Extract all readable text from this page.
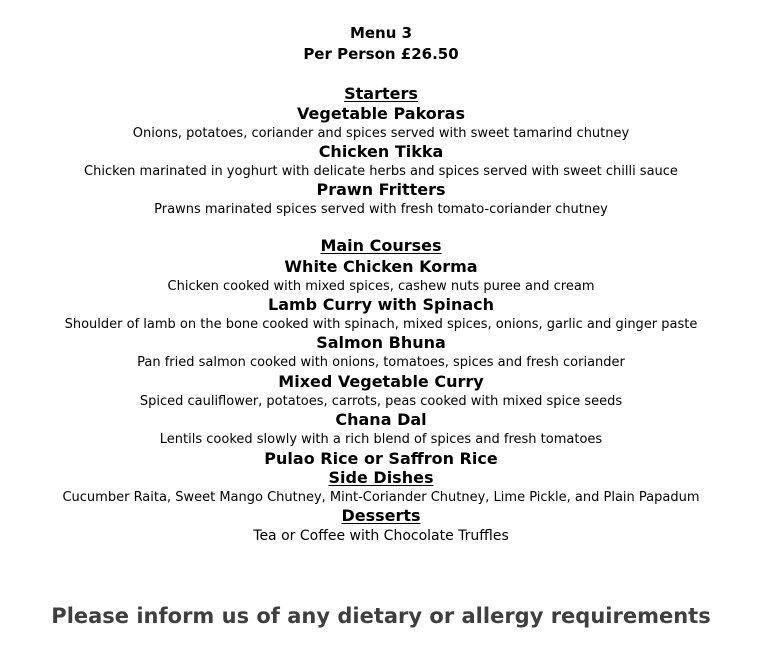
Menu 3
Per Person £26.50
Starters
Vegetable Pakoras
Onions, potatoes, coriander and spices served with sweet tamarind chutney
Chicken Tikka
Chicken marinated in yoghurt with delicate herbs and spices served with sweet chilli sauce
Prawn Fritters
Prawns marinated spices served with fresh tomato-coriander chutney
Main Courses
White Chicken Korma
Chicken cooked with mixed spices, cashew nuts puree and cream
Lamb Curry with Spinach
Shoulder of lamb on the bone cooked with spinach, mixed spices, onions, garlic and ginger paste
Salmon Bhuna
Pan fried salmon cooked with onions, tomatoes, spices and fresh coriander
Mixed Vegetable Curry
Spiced cauliflower, potatoes, carrots, peas cooked with mixed spice seeds
Chana Dal
Lentils cooked slowly with a rich blend of spices and fresh tomatoes
Pulao Rice or Saffron Rice
Side Dishes
Cucumber Raita, Sweet Mango Chutney, Mint-Coriander Chutney, Lime Pickle, and Plain Papadum
Desserts
Tea or Coffee with Chocolate Truffles
Please inform us of any dietary or allergy requirements
